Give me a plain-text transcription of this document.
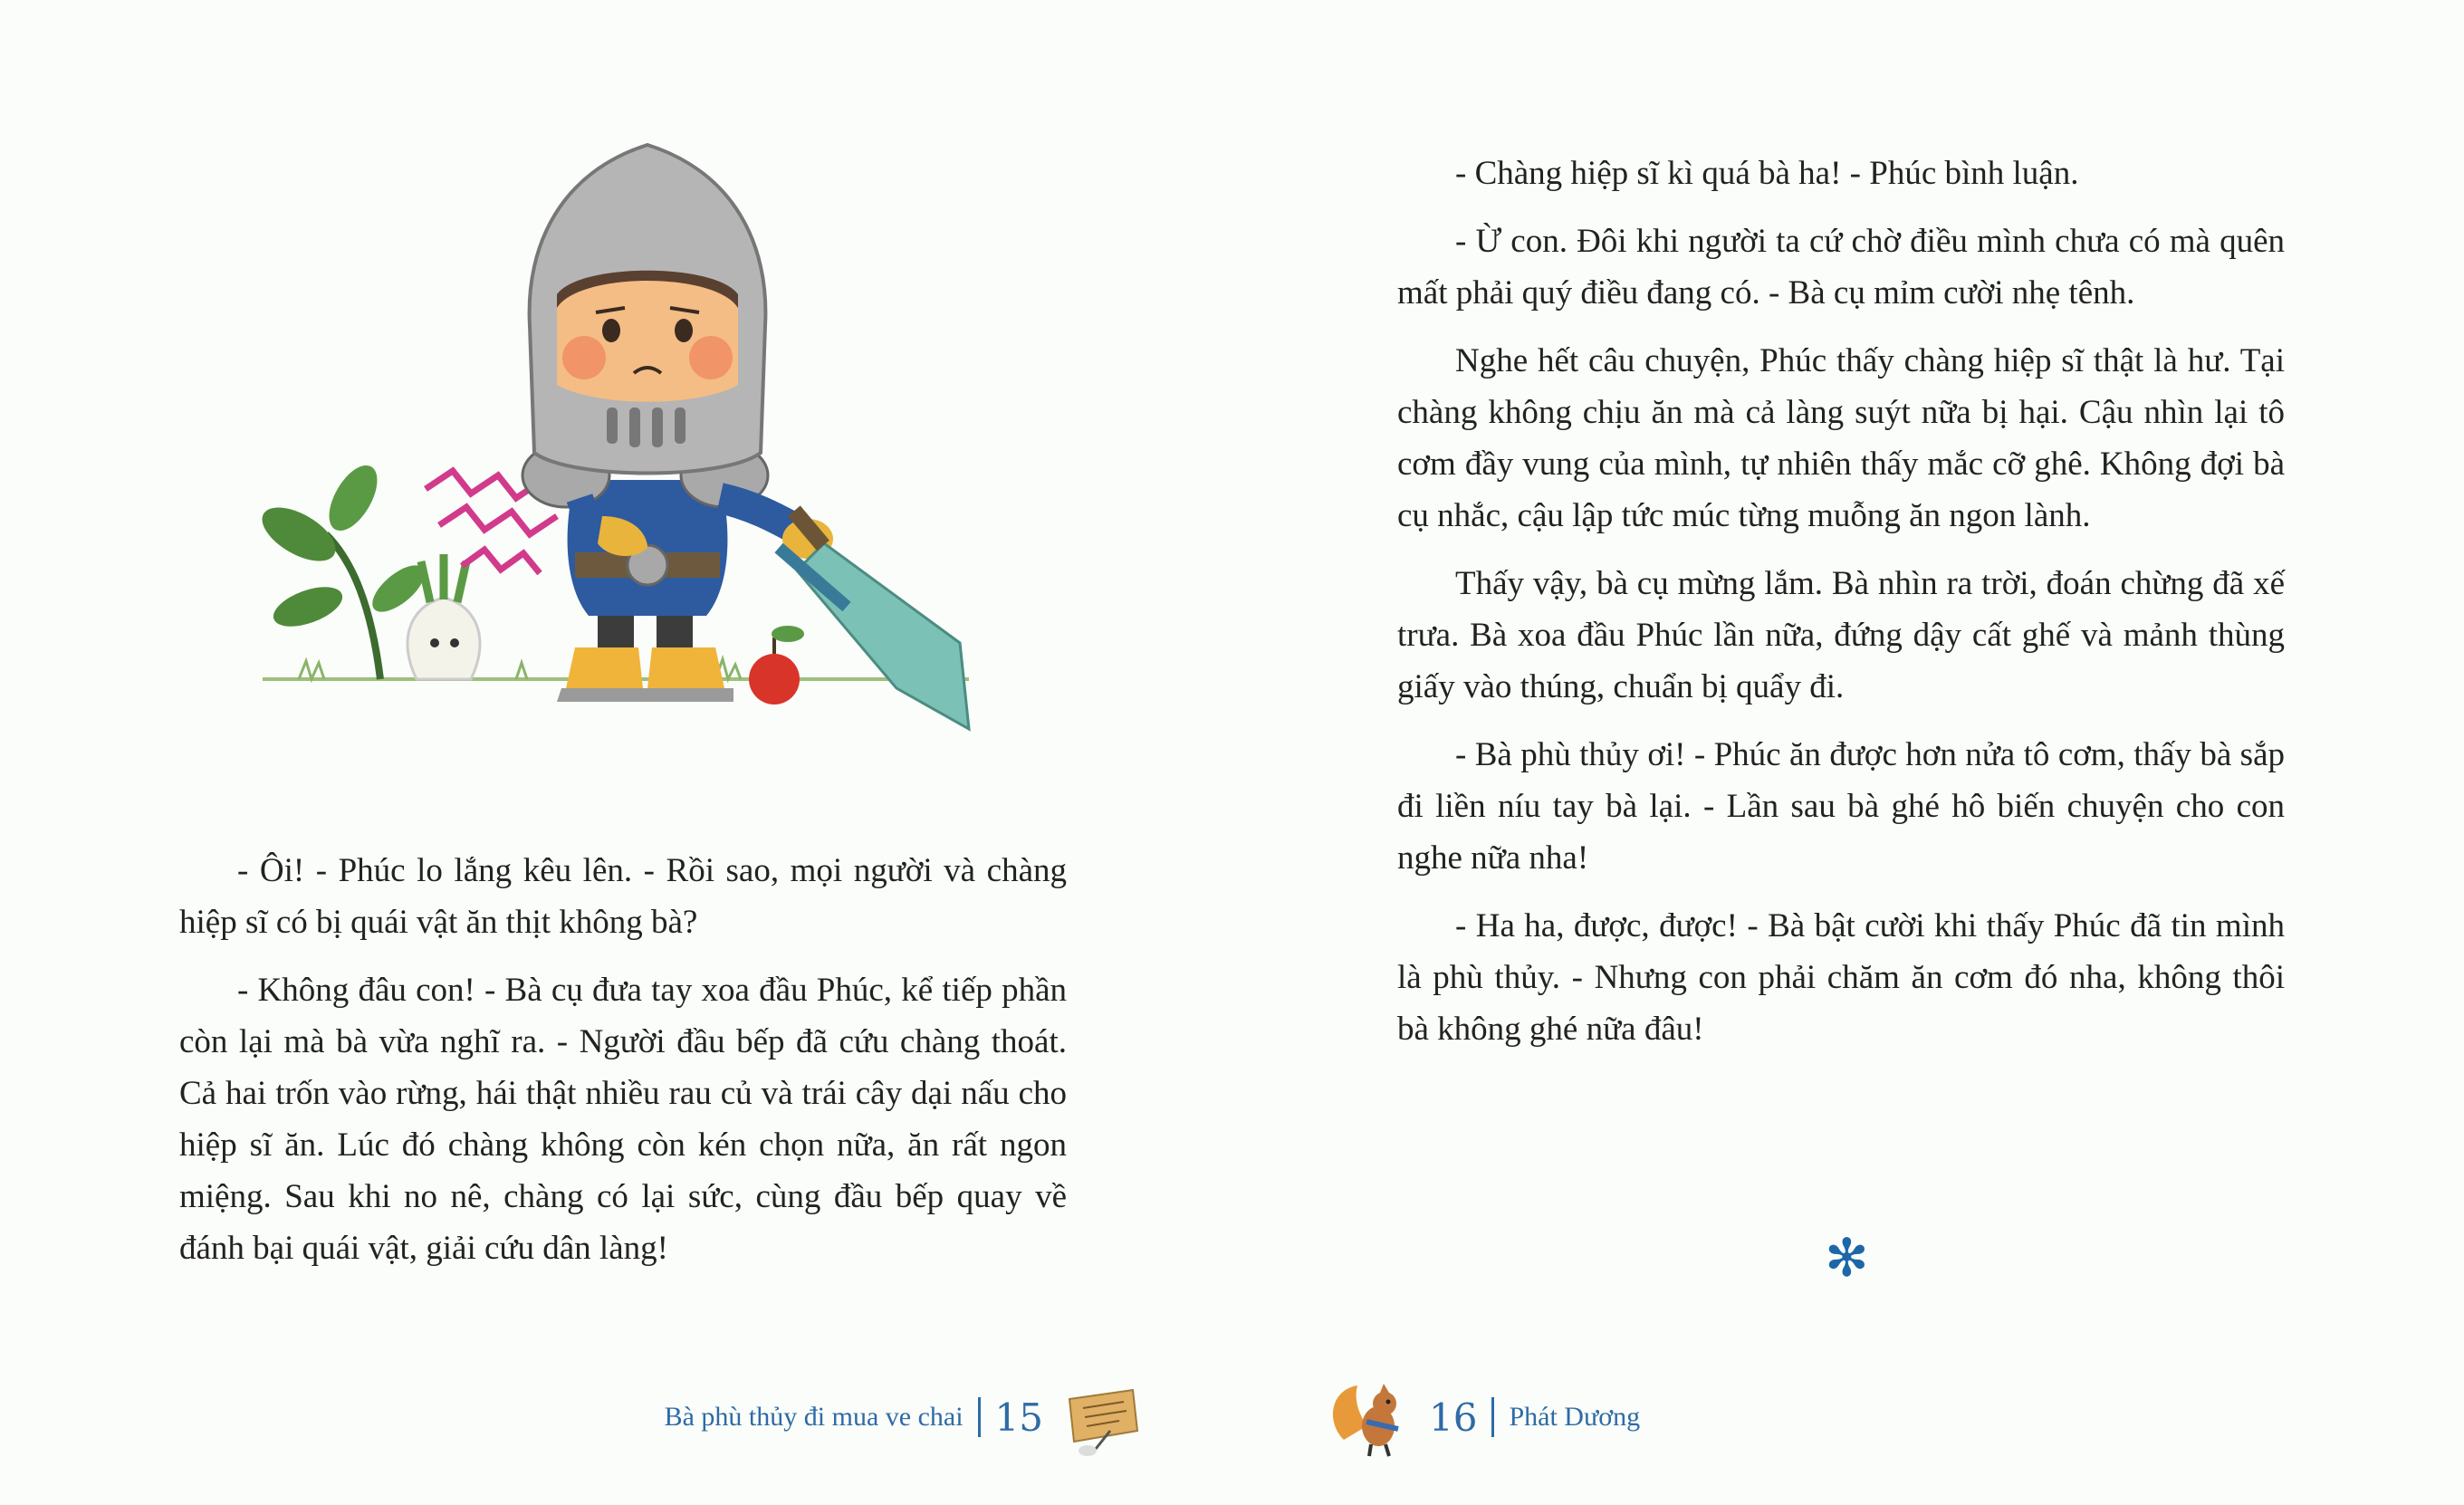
- Ôi! - Phúc lo lắng kêu lên. - Rồi sao, mọi người và chàng hiệp sĩ có bị quái vật ăn thịt không bà?

- Không đâu con! - Bà cụ đưa tay xoa đầu Phúc, kể tiếp phần còn lại mà bà vừa nghĩ ra. - Người đầu bếp đã cứu chàng thoát. Cả hai trốn vào rừng, hái thật nhiều rau củ và trái cây dại nấu cho hiệp sĩ ăn. Lúc đó chàng không còn kén chọn nữa, ăn rất ngon miệng. Sau khi no nê, chàng có lại sức, cùng đầu bếp quay về đánh bại quái vật, giải cứu dân làng!

Bà phù thủy đi mua ve chai 15

- Chàng hiệp sĩ kì quá bà ha! - Phúc bình luận.

- Ừ con. Đôi khi người ta cứ chờ điều mình chưa có mà quên mất phải quý điều đang có. - Bà cụ mỉm cười nhẹ tênh.

Nghe hết câu chuyện, Phúc thấy chàng hiệp sĩ thật là hư. Tại chàng không chịu ăn mà cả làng suýt nữa bị hại. Cậu nhìn lại tô cơm đầy vung của mình, tự nhiên thấy mắc cỡ ghê. Không đợi bà cụ nhắc, cậu lập tức múc từng muỗng ăn ngon lành.

Thấy vậy, bà cụ mừng lắm. Bà nhìn ra trời, đoán chừng đã xế trưa. Bà xoa đầu Phúc lần nữa, đứng dậy cất ghế và mảnh thùng giấy vào thúng, chuẩn bị quẩy đi.

- Bà phù thủy ơi! - Phúc ăn được hơn nửa tô cơm, thấy bà sắp đi liền níu tay bà lại. - Lần sau bà ghé hô biến chuyện cho con nghe nữa nha!

- Ha ha, được, được! - Bà bật cười khi thấy Phúc đã tin mình là phù thủy. - Nhưng con phải chăm ăn cơm đó nha, không thôi bà không ghé nữa đâu!

✻
16 Phát Dương
